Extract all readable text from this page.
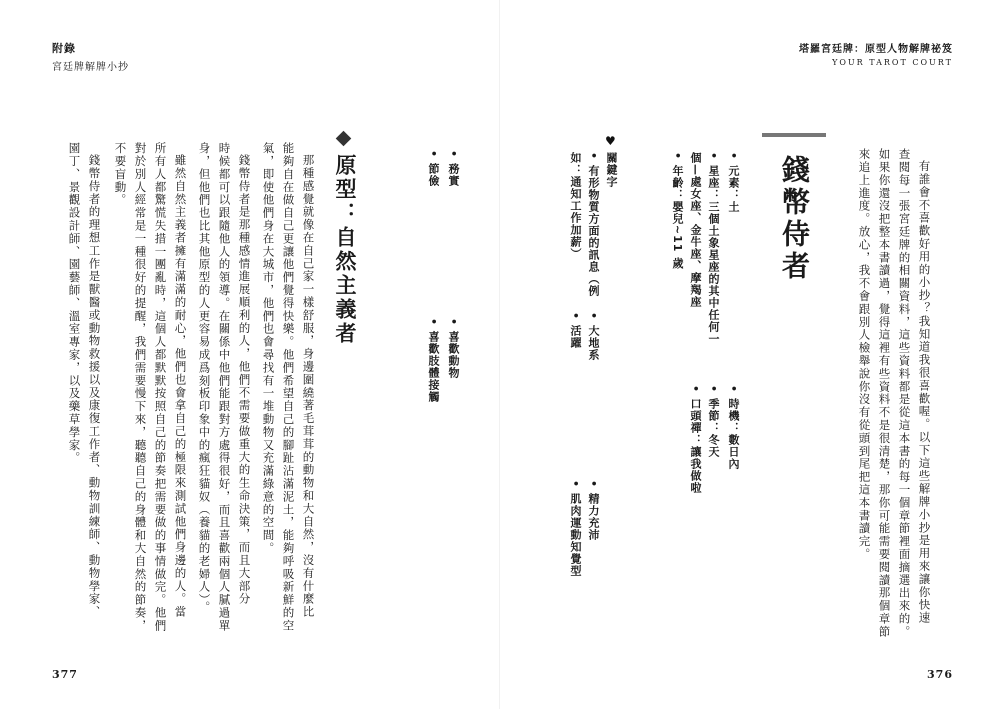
附錄
宮廷牌解牌小抄
• 務實
• 喜歡動物
• 節儉
• 喜歡肢體接觸
原型：自然主義者
那種感覺就像在自己家一樣舒服，身邊圍繞著毛茸茸的動物和大自然，沒有什麼比
能夠自在做自己更讓他們覺得快樂。他們希望自己的腳趾沾滿泥土，能夠呼吸新鮮的空
氣，即使他們身在大城市，他們也會尋找有一堆動物又充滿綠意的空間。
錢幣侍者是那種感情進展順利的人，他們不需要做重大的生命決策，而且大部分
時候都可以跟隨他人的領導。在關係中他們能跟對方處得很好，而且喜歡兩個人膩過單
身，但他們也比其他原型的人更容易成爲刻板印象中的瘋狂貓奴（養貓的老婦人）。
雖然自然主義者擁有滿滿的耐心，他們也會拿自己的極限來測試他們身邊的人。當
所有人都驚慌失措一團亂時，這個人都默默按照自己的節奏把需要做的事情做完。他們
對於別人經常是一種很好的提醒，我們需要慢下來，聽聽自己的身體和大自然的節奏，
不要盲動。
錢幣侍者的理想工作是獸醫或動物救援以及康復工作者、動物訓練師、動物學家、
園丁、景觀設計師、園藝師、溫室專家，以及藥草學家。
377
塔羅宮廷牌：原型人物解牌祕笈
YOUR TAROT COURT
有誰會不喜歡好用的小抄？我知道我很喜歡喔。以下這些解牌小抄是用來讓你快速
查閱每一張宮廷牌的相關資料，這些資料都是從這本書的每一個章節裡面摘選出來的。
如果你還沒把整本書讀過，覺得這裡有些資料不是很清楚，那你可能需要閱讀那個章節
來追上進度。放心，我不會跟別人檢舉說你沒有從頭到尾把這本書讀完。
錢幣侍者
• 元素：土
• 星座：三個土象星座的其中任何一
個—處女座、金牛座、摩羯座
• 年齡：嬰兒~11 歲
• 時機：數日內
• 季節：冬天
• 口頭禪：讓我做啦
♥
關鍵字
• 有形物質方面的訊息（例
如：通知工作加薪）
• 大地系
• 活躍
• 精力充沛
• 肌肉運動知覺型
376
